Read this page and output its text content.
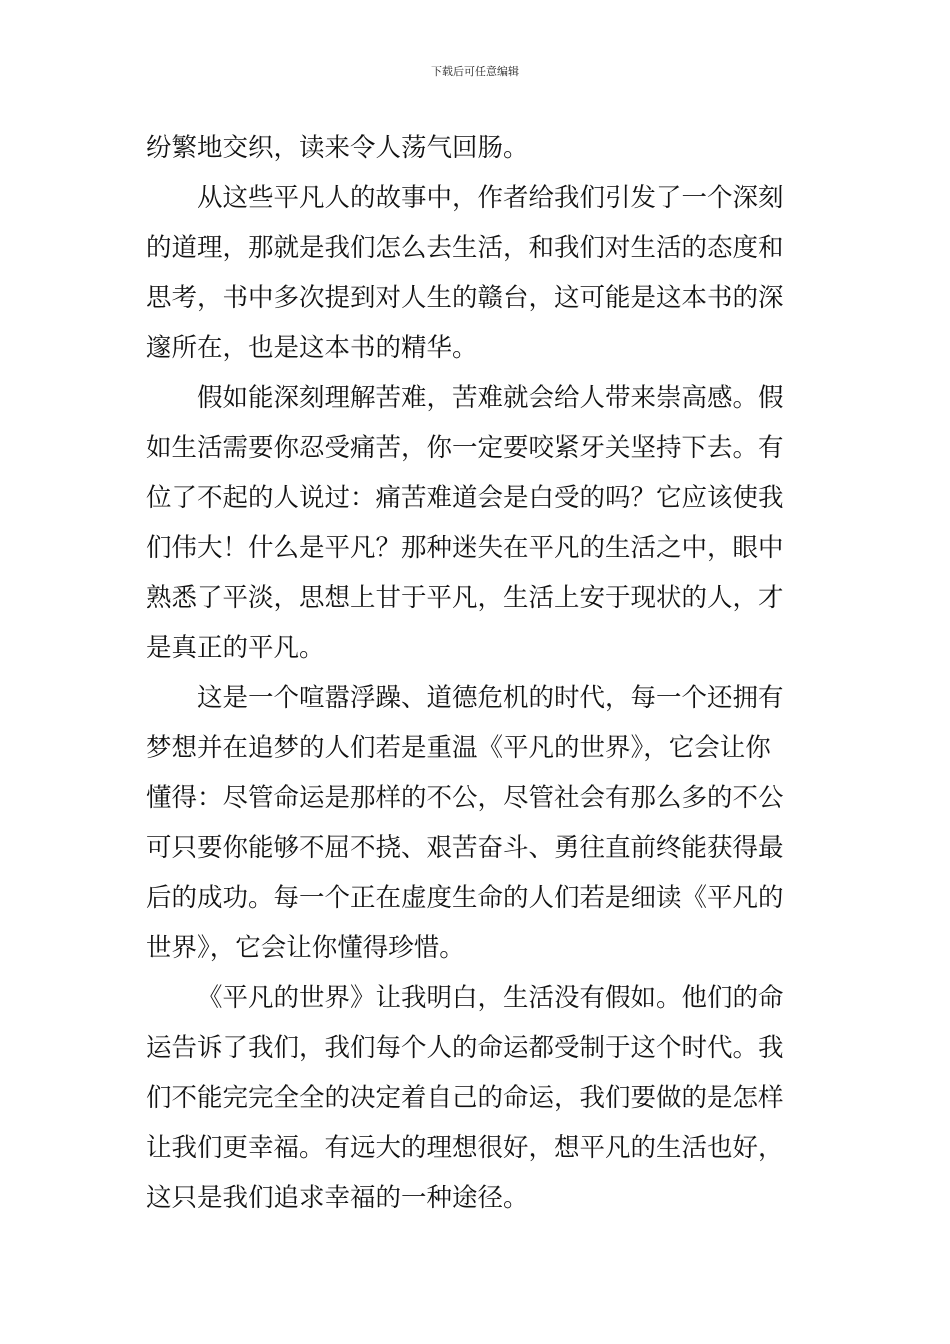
下载后可任意编辑
纷繁地交织，读来令人荡气回肠。
从这些平凡人的故事中，作者给我们引发了一个深刻
的道理，那就是我们怎么去生活，和我们对生活的态度和
思考，书中多次提到对人生的赣台，这可能是这本书的深
邃所在，也是这本书的精华。
假如能深刻理解苦难，苦难就会给人带来崇高感。假
如生活需要你忍受痛苦，你一定要咬紧牙关坚持下去。有
位了不起的人说过：痛苦难道会是白受的吗？它应该使我
们伟大！什么是平凡？那种迷失在平凡的生活之中，眼中
熟悉了平淡，思想上甘于平凡，生活上安于现状的人，才
是真正的平凡。
这是一个喧嚣浮躁、道德危机的时代，每一个还拥有
梦想并在追梦的人们若是重温《平凡的世界》，它会让你
懂得：尽管命运是那样的不公，尽管社会有那么多的不公
可只要你能够不屈不挠、艰苦奋斗、勇往直前终能获得最
后的成功。每一个正在虚度生命的人们若是细读《平凡的
世界》，它会让你懂得珍惜。
《平凡的世界》让我明白，生活没有假如。他们的命
运告诉了我们，我们每个人的命运都受制于这个时代。我
们不能完完全全的决定着自己的命运，我们要做的是怎样
让我们更幸福。有远大的理想很好，想平凡的生活也好，
这只是我们追求幸福的一种途径。
